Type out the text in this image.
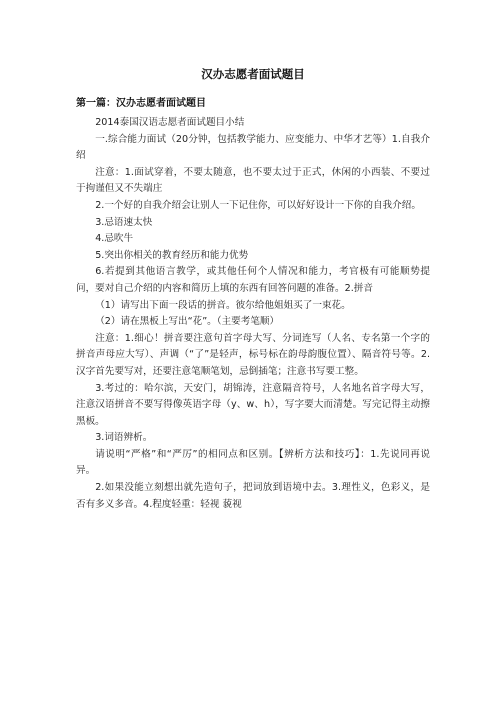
汉办志愿者面试题目
第一篇：汉办志愿者面试题目

2014泰国汉语志愿者面试题目小结

一.综合能力面试（20分钟，包括教学能力、应变能力、中华才艺等）1.自我介绍

注意：1.面试穿着，不要太随意，也不要太过于正式，休闲的小西装、不要过于拘谨但又不失端庄

2.一个好的自我介绍会让别人一下记住你，可以好好设计一下你的自我介绍。

3.忌语速太快

4.忌吹牛

5.突出你相关的教育经历和能力优势

6.若提到其他语言教学，或其他任何个人情况和能力，考官极有可能顺势提问，要对自己介绍的内容和简历上填的东西有回答问题的准备。2.拼音

（1）请写出下面一段话的拼音。彼尔给他姐姐买了一束花。

（2）请在黑板上写出“花”。（主要考笔顺）

注意：1.细心！拼音要注意句首字母大写、分词连写（人名、专名第一个字的拼音声母应大写）、声调（“了”是轻声，标号标在韵母韵腹位置）、隔音符号等。2.汉字首先要写对，还要注意笔顺笔划，忌倒插笔；注意书写要工整。

3.考过的：哈尔滨，天安门，胡锦涛，注意隔音符号，人名地名首字母大写，注意汉语拼音不要写得像英语字母（y、w、h），写字要大而清楚。写完记得主动擦黑板。

3.词语辨析。

请说明“严格”和“严厉”的相同点和区别。【辨析方法和技巧】：1.先说同再说异。

2.如果没能立刻想出就先造句子，把词放到语境中去。3.理性义，色彩义，是否有多义多音。4.程度轻重：轻视 藐视
